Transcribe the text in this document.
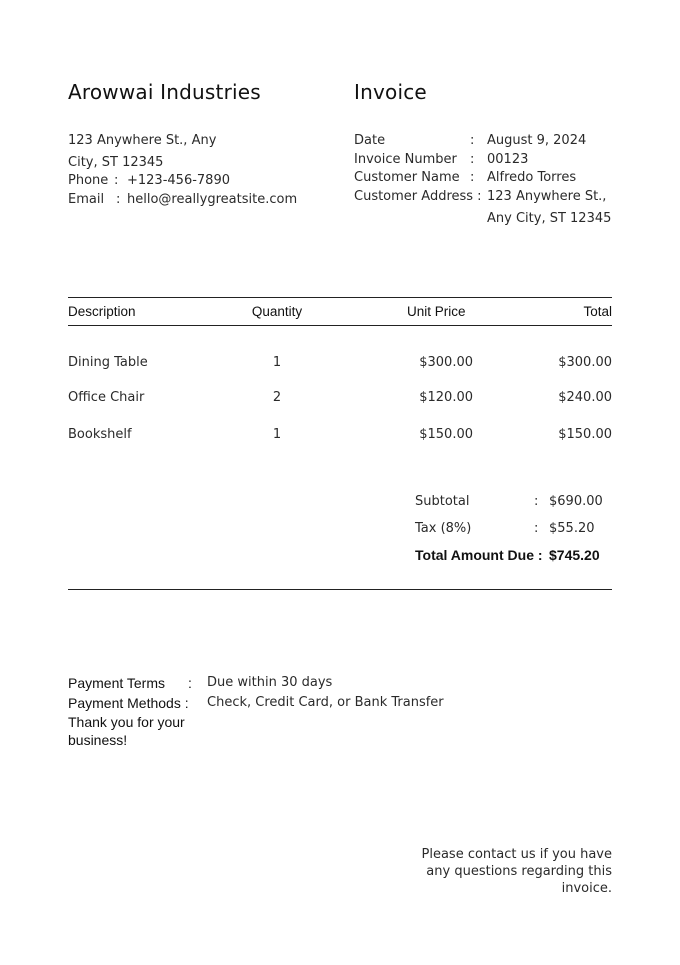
Arowwai Industries
123 Anywhere St., Any
City, ST 12345
Phone : +123-456-7890
Email : hello@reallygreatsite.com
Invoice
Date	: August 9, 2024
Invoice Number : 00123
Customer Name : Alfredo Torres
Customer Address : 123 Anywhere St.,
Any City, ST 12345
Description	Quantity	Unit Price	Total
Dining Table	1	$300.00	$300.00
Office Chair	2	$120.00	$240.00
Bookshelf	1	$150.00	$150.00
Subtotal	: $690.00
Tax (8%)	: $55.20
Total Amount Due : $745.20
Payment Terms : Due within 30 days
Payment Methods : Check, Credit Card, or Bank Transfer
Thank you for your
business!
Please contact us if you have
any questions regarding this
invoice.
